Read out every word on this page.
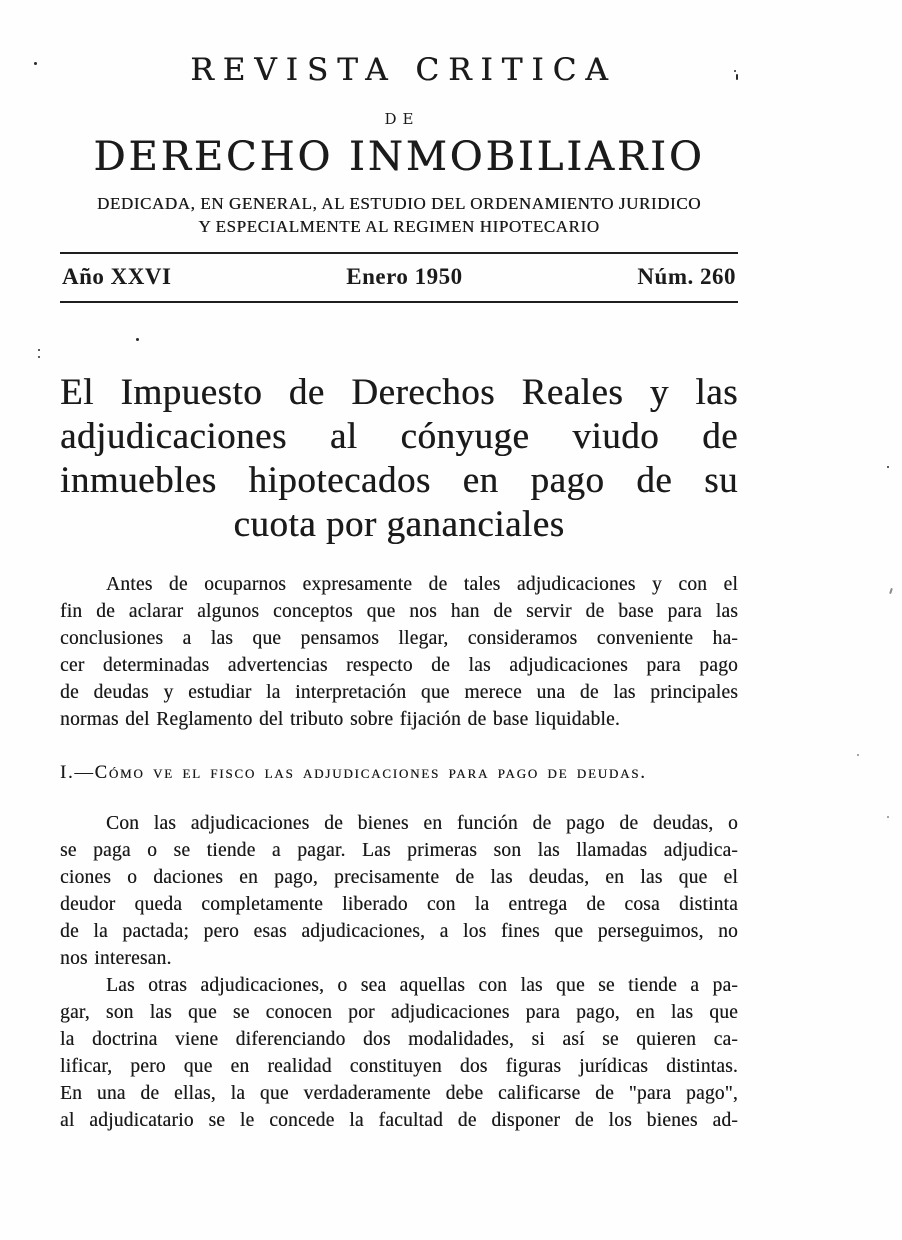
REVISTA CRITICA
DE
DERECHO INMOBILIARIO
DEDICADA, EN GENERAL, AL ESTUDIO DEL ORDENAMIENTO JURIDICO
Y ESPECIALMENTE AL REGIMEN HIPOTECARIO
Año XXVI	Enero 1950	Núm. 260
El Impuesto de Derechos Reales y las
adjudicaciones al cónyuge viudo de
inmuebles hipotecados en pago de su
cuota por gananciales
Antes de ocuparnos expresamente de tales adjudicaciones y con el
fin de aclarar algunos conceptos que nos han de servir de base para las
conclusiones a las que pensamos llegar, consideramos conveniente ha-
cer determinadas advertencias respecto de las adjudicaciones para pago
de deudas y estudiar la interpretación que merece una de las principales
normas del Reglamento del tributo sobre fijación de base liquidable.
I.—Cómo ve el fisco las adjudicaciones para pago de deudas.
Con las adjudicaciones de bienes en función de pago de deudas, o
se paga o se tiende a pagar. Las primeras son las llamadas adjudica-
ciones o daciones en pago, precisamente de las deudas, en las que el
deudor queda completamente liberado con la entrega de cosa distinta
de la pactada; pero esas adjudicaciones, a los fines que perseguimos, no
nos interesan.
Las otras adjudicaciones, o sea aquellas con las que se tiende a pa-
gar, son las que se conocen por adjudicaciones para pago, en las que
la doctrina viene diferenciando dos modalidades, si así se quieren ca-
lificar, pero que en realidad constituyen dos figuras jurídicas distintas.
En una de ellas, la que verdaderamente debe calificarse de "para pago",
al adjudicatario se le concede la facultad de disponer de los bienes ad-
